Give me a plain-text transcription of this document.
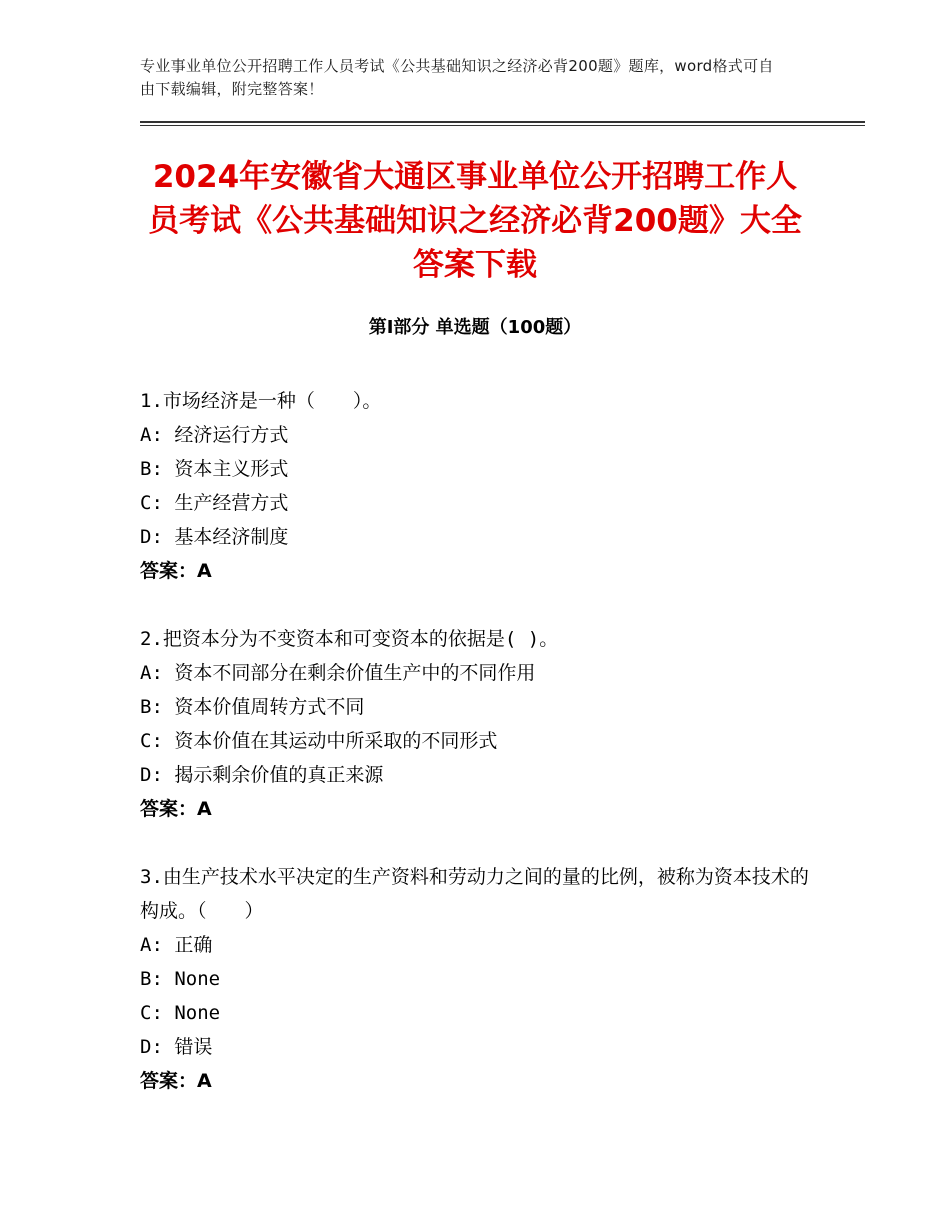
专业事业单位公开招聘工作人员考试《公共基础知识之经济必背200题》题库，word格式可自由下载编辑，附完整答案！
2024年安徽省大通区事业单位公开招聘工作人员考试《公共基础知识之经济必背200题》大全答案下载
第I部分 单选题（100题）

1.市场经济是一种（　　）。

A: 经济运行方式

B: 资本主义形式

C: 生产经营方式

D: 基本经济制度

答案：A

2.把资本分为不变资本和可变资本的依据是( )。

A: 资本不同部分在剩余价值生产中的不同作用

B: 资本价值周转方式不同

C: 资本价值在其运动中所采取的不同形式

D: 揭示剩余价值的真正来源

答案：A

3.由生产技术水平决定的生产资料和劳动力之间的量的比例，被称为资本技术的构成。（　　）

A: 正确

B: None

C: None

D: 错误

答案：A
